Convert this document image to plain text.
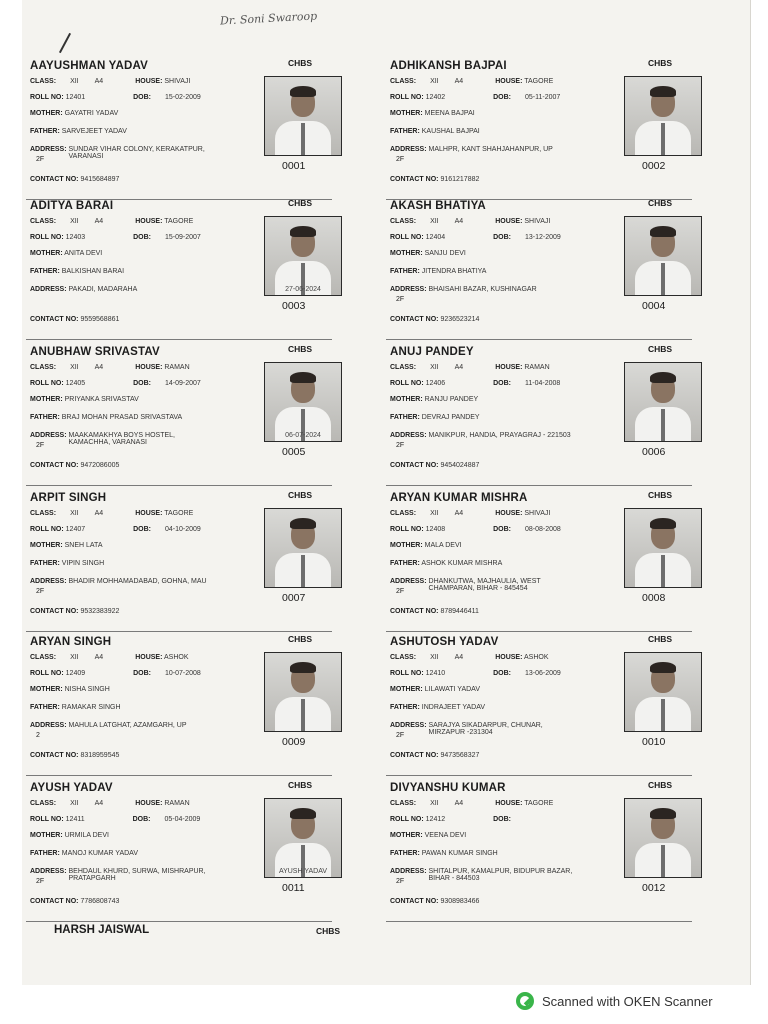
Dr. Soni Swaroop
AAYUSHMAN YADAV	CHBS
CLASS: XII A4	HOUSE: SHIVAJI
ROLL NO: 12401	DOB: 15-02-2009
MOTHER: GAYATRI YADAV
FATHER: SARVEJEET YADAV
ADDRESS: SUNDAR VIHAR COLONY, KERAKATPUR, VARANASI
2F
CONTACT NO: 9415684897
0001
ADHIKANSH BAJPAI	CHBS
CLASS: XII A4	HOUSE: TAGORE
ROLL NO: 12402	DOB: 05-11-2007
MOTHER: MEENA BAJPAI
FATHER: KAUSHAL BAJPAI
ADDRESS: MALHPR, KANT SHAHJAHANPUR, UP
2F
CONTACT NO: 9161217882
0002
ADITYA BARAI	CHBS
CLASS: XII A4	HOUSE: TAGORE
ROLL NO: 12403	DOB: 15-09-2007
MOTHER: ANITA DEVI
FATHER: BALKISHAN BARAI
ADDRESS: PAKADI, MADARAHA
CONTACT NO: 9559568861
27-06-2024
0003
AKASH BHATIYA	CHBS
CLASS: XII A4	HOUSE: SHIVAJI
ROLL NO: 12404	DOB: 13-12-2009
MOTHER: SANJU DEVI
FATHER: JITENDRA BHATIYA
ADDRESS: BHAISAHI BAZAR, KUSHINAGAR
2F
CONTACT NO: 9236523214
0004
ANUBHAW SRIVASTAV	CHBS
CLASS: XII A4	HOUSE: RAMAN
ROLL NO: 12405	DOB: 14-09-2007
MOTHER: PRIYANKA SRIVASTAV
FATHER: BRAJ MOHAN PRASAD SRIVASTAVA
ADDRESS: MAAKAMAKHYA BOYS HOSTEL, KAMACHHA, VARANASI
2F
CONTACT NO: 9472086005
06-07-2024
0005
ANUJ PANDEY	CHBS
CLASS: XII A4	HOUSE: RAMAN
ROLL NO: 12406	DOB: 11-04-2008
MOTHER: RANJU PANDEY
FATHER: DEVRAJ PANDEY
ADDRESS: MANIKPUR, HANDIA, PRAYAGRAJ - 221503
2F
CONTACT NO: 9454024887
0006
ARPIT SINGH	CHBS
CLASS: XII A4	HOUSE: TAGORE
ROLL NO: 12407	DOB: 04-10-2009
MOTHER: SNEH LATA
FATHER: VIPIN SINGH
ADDRESS: BHADIR MOHHAMADABAD, GOHNA, MAU
2F
CONTACT NO: 9532383922
0007
ARYAN KUMAR MISHRA	CHBS
CLASS: XII A4	HOUSE: SHIVAJI
ROLL NO: 12408	DOB: 08-08-2008
MOTHER: MALA DEVI
FATHER: ASHOK KUMAR MISHRA
ADDRESS: DHANKUTWA, MAJHAULIA, WEST CHAMPARAN, BIHAR - 845454
2F
CONTACT NO: 8789446411
0008
ARYAN SINGH	CHBS
CLASS: XII A4	HOUSE: ASHOK
ROLL NO: 12409	DOB: 10-07-2008
MOTHER: NISHA SINGH
FATHER: RAMAKAR SINGH
ADDRESS: MAHULA LATGHAT, AZAMGARH, UP
2
CONTACT NO: 8318959545
0009
ASHUTOSH YADAV	CHBS
CLASS: XII A4	HOUSE: ASHOK
ROLL NO: 12410	DOB: 13-06-2009
MOTHER: LILAWATI YADAV
FATHER: INDRAJEET YADAV
ADDRESS: SARAJYA SIKADARPUR, CHUNAR, MIRZAPUR -231304
2F
CONTACT NO: 9473568327
0010
AYUSH YADAV	CHBS
CLASS: XII A4	HOUSE: RAMAN
ROLL NO: 12411	DOB: 05-04-2009
MOTHER: URMILA DEVI
FATHER: MANOJ KUMAR YADAV
ADDRESS: BEHDAUL KHURD, SURWA, MISHRAPUR, PRATAPGARH
2F
CONTACT NO: 7786808743
AYUSH YADAV
0011
DIVYANSHU KUMAR	CHBS
CLASS: XII A4	HOUSE: TAGORE
ROLL NO: 12412	DOB:
MOTHER: VEENA DEVI
FATHER: PAWAN KUMAR SINGH
ADDRESS: SHITALPUR, KAMALPUR, BIDUPUR BAZAR, BIHAR - 844503
2F
CONTACT NO: 9308983466
0012
HARSH JAISWAL	CHBS
Scanned with OKEN Scanner
